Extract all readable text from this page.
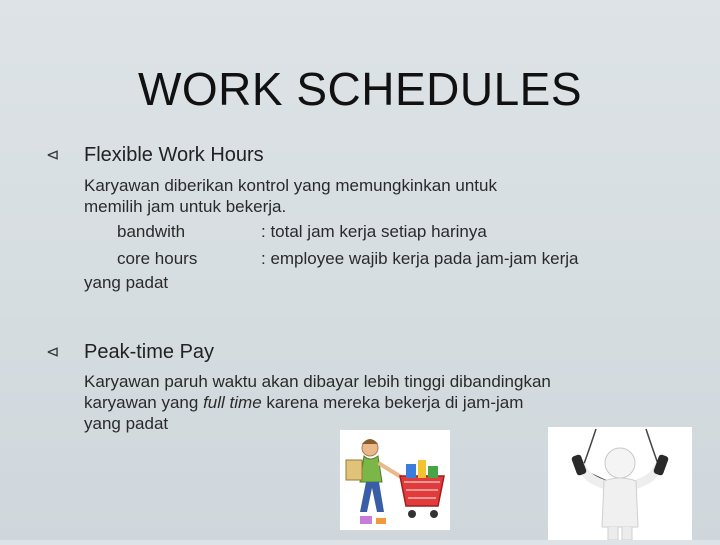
WORK SCHEDULES
⊲ Flexible Work Hours
Karyawan diberikan kontrol yang memungkinkan untuk
memilih jam untuk bekerja.
bandwith	: total jam kerja setiap harinya
core hours	: employee wajib kerja pada jam-jam kerja
yang padat
⊲ Peak-time Pay
Karyawan paruh waktu akan dibayar lebih tinggi dibandingkan
karyawan yang full time karena mereka bekerja di jam-jam
yang padat
